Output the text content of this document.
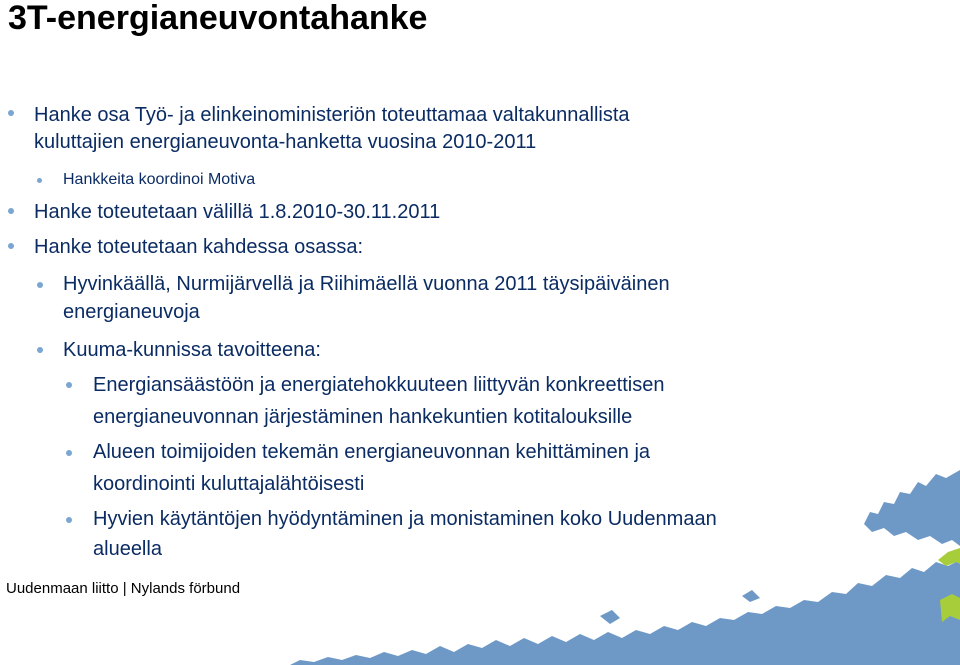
3T-energianeuvontahanke
Hanke osa Työ- ja elinkeinoministeriön toteuttamaa valtakunnallista
kuluttajien energianeuvonta-hanketta vuosina 2010-2011
Hankkeita koordinoi Motiva
Hanke toteutetaan välillä 1.8.2010-30.11.2011
Hanke toteutetaan kahdessa osassa:
Hyvinkäällä, Nurmijärvellä ja Riihimäellä vuonna 2011 täysipäiväinen
energianeuvoja
Kuuma-kunnissa tavoitteena:
Energiansäästöön ja energiatehokkuuteen liittyvän konkreettisen
energianeuvonnan järjestäminen hankekuntien kotitalouksille
Alueen toimijoiden tekemän energianeuvonnan kehittäminen ja
koordinointi kuluttajalähtöisesti
Hyvien käytäntöjen hyödyntäminen ja monistaminen koko Uudenmaan
alueella
Uudenmaan liitto | Nylands förbund
